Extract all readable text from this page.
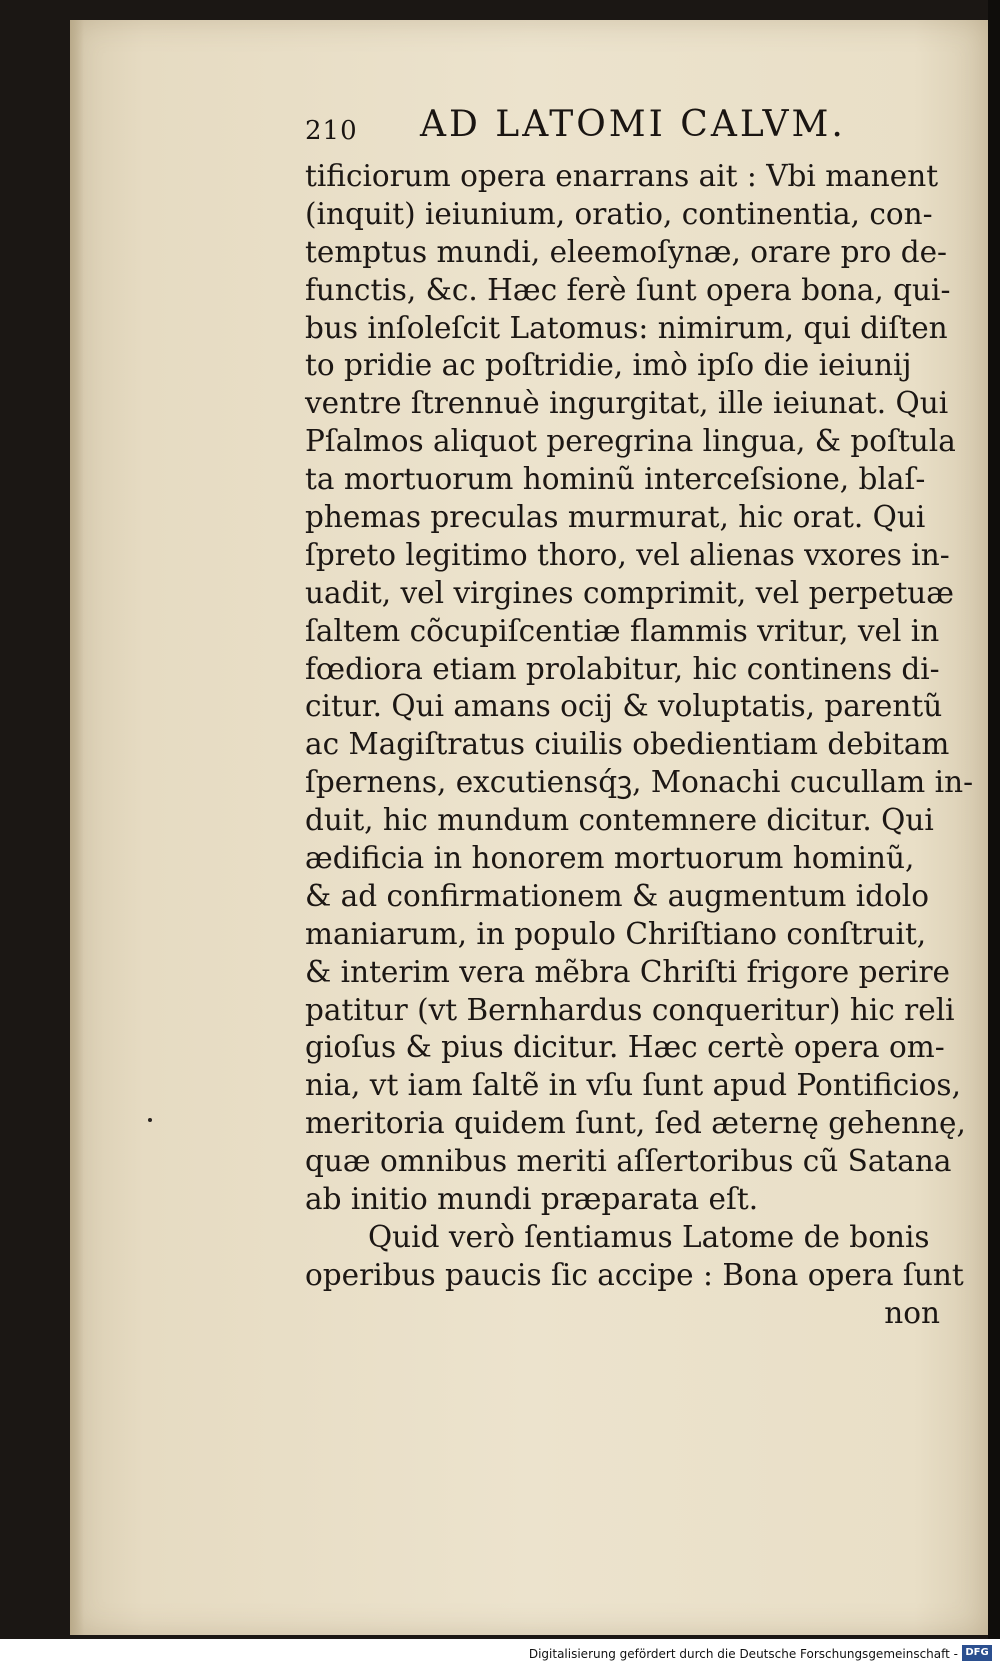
210 AD LATOMI CALVM.
tificiorum opera enarrans ait : Vbi manent
(inquit) ieiunium, oratio, continentia, con-
temptus mundi, eleemoſynæ, orare pro de-
functis, &c. Hæc ferè ſunt opera bona, qui-
bus inſoleſcit Latomus: nimirum, qui diſten
to pridie ac poſtridie, imò ipſo die ieiunij
ventre ſtrennuè ingurgitat, ille ieiunat. Qui
Pſalmos aliquot peregrina lingua, & poſtula
ta mortuorum hominũ interceſsione, blaſ-
phemas preculas murmurat, hic orat. Qui
ſpreto legitimo thoro, vel alienas vxores in-
uadit, vel virgines comprimit, vel perpetuæ
ſaltem cõcupiſcentiæ flammis vritur, vel in
fœdiora etiam prolabitur, hic continens di-
citur. Qui amans ocij & voluptatis, parentũ
ac Magiſtratus ciuilis obedientiam debitam
ſpernens, excutiensq́ꝫ, Monachi cucullam in-
duit, hic mundum contemnere dicitur. Qui
ædificia in honorem mortuorum hominũ,
& ad confirmationem & augmentum idolo
maniarum, in populo Chriſtiano conſtruit,
& interim vera mẽbra Chriſti frigore perire
patitur (vt Bernhardus conqueritur) hic reli
gioſus & pius dicitur. Hæc certè opera om-
nia, vt iam ſaltẽ in vſu ſunt apud Pontificios,
meritoria quidem ſunt, ſed æternę gehennę,
quæ omnibus meriti aſſertoribus cũ Satana
ab initio mundi præparata eſt.
Quid verò ſentiamus Latome de bonis
operibus paucis ſic accipe : Bona opera ſunt
non
Digitalisierung gefördert durch die Deutsche Forschungsgemeinschaft - DFG
